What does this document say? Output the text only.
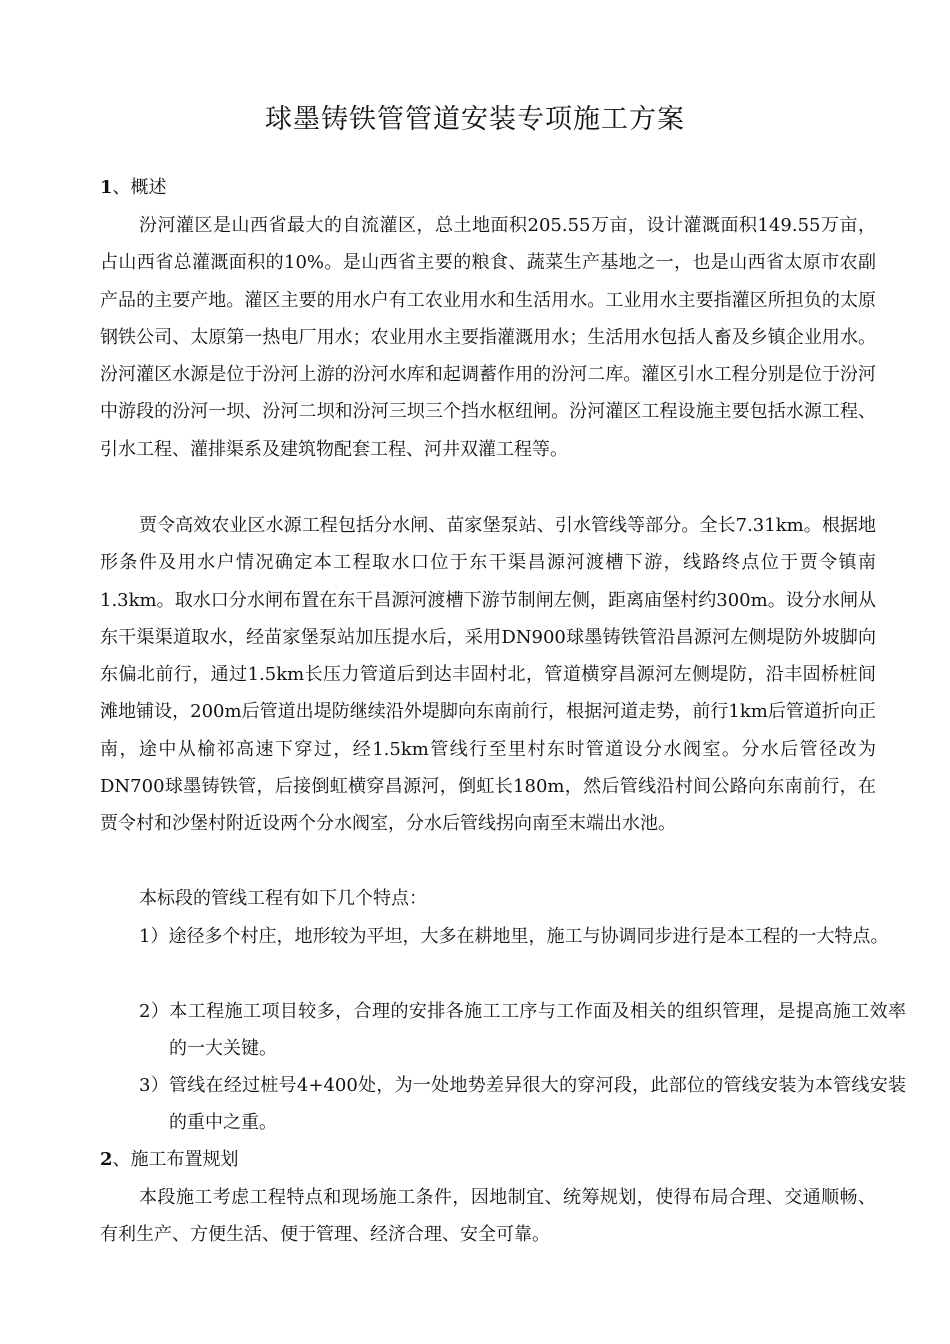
球墨铸铁管管道安装专项施工方案
1、概述

汾河灌区是山西省最大的自流灌区，总土地面积205.55万亩，设计灌溉面积149.55万亩，占山西省总灌溉面积的10%。是山西省主要的粮食、蔬菜生产基地之一，也是山西省太原市农副产品的主要产地。灌区主要的用水户有工农业用水和生活用水。工业用水主要指灌区所担负的太原钢铁公司、太原第一热电厂用水；农业用水主要指灌溉用水；生活用水包括人畜及乡镇企业用水。汾河灌区水源是位于汾河上游的汾河水库和起调蓄作用的汾河二库。灌区引水工程分别是位于汾河中游段的汾河一坝、汾河二坝和汾河三坝三个挡水枢纽闸。汾河灌区工程设施主要包括水源工程、引水工程、灌排渠系及建筑物配套工程、河井双灌工程等。

贾令高效农业区水源工程包括分水闸、苗家堡泵站、引水管线等部分。全长7.31km。根据地形条件及用水户情况确定本工程取水口位于东干渠昌源河渡槽下游，线路终点位于贾令镇南1.3km。取水口分水闸布置在东干昌源河渡槽下游节制闸左侧，距离庙堡村约300m。设分水闸从东干渠渠道取水，经苗家堡泵站加压提水后，采用DN900球墨铸铁管沿昌源河左侧堤防外坡脚向东偏北前行，通过1.5km长压力管道后到达丰固村北，管道横穿昌源河左侧堤防，沿丰固桥桩间滩地铺设，200m后管道出堤防继续沿外堤脚向东南前行，根据河道走势，前行1km后管道折向正南，途中从榆祁高速下穿过，经1.5km管线行至里村东时管道设分水阀室。分水后管径改为DN700球墨铸铁管，后接倒虹横穿昌源河，倒虹长180m，然后管线沿村间公路向东南前行，在贾令村和沙堡村附近设两个分水阀室，分水后管线拐向南至末端出水池。

本标段的管线工程有如下几个特点：

1）途径多个村庄，地形较为平坦，大多在耕地里，施工与协调同步进行是本工程的一大特点。

2）本工程施工项目较多，合理的安排各施工工序与工作面及相关的组织管理，是提高施工效率的一大关键。

3）管线在经过桩号4+400处，为一处地势差异很大的穿河段，此部位的管线安装为本管线安装的重中之重。

2、施工布置规划

本段施工考虑工程特点和现场施工条件，因地制宜、统筹规划，使得布局合理、交通顺畅、有利生产、方便生活、便于管理、经济合理、安全可靠。
